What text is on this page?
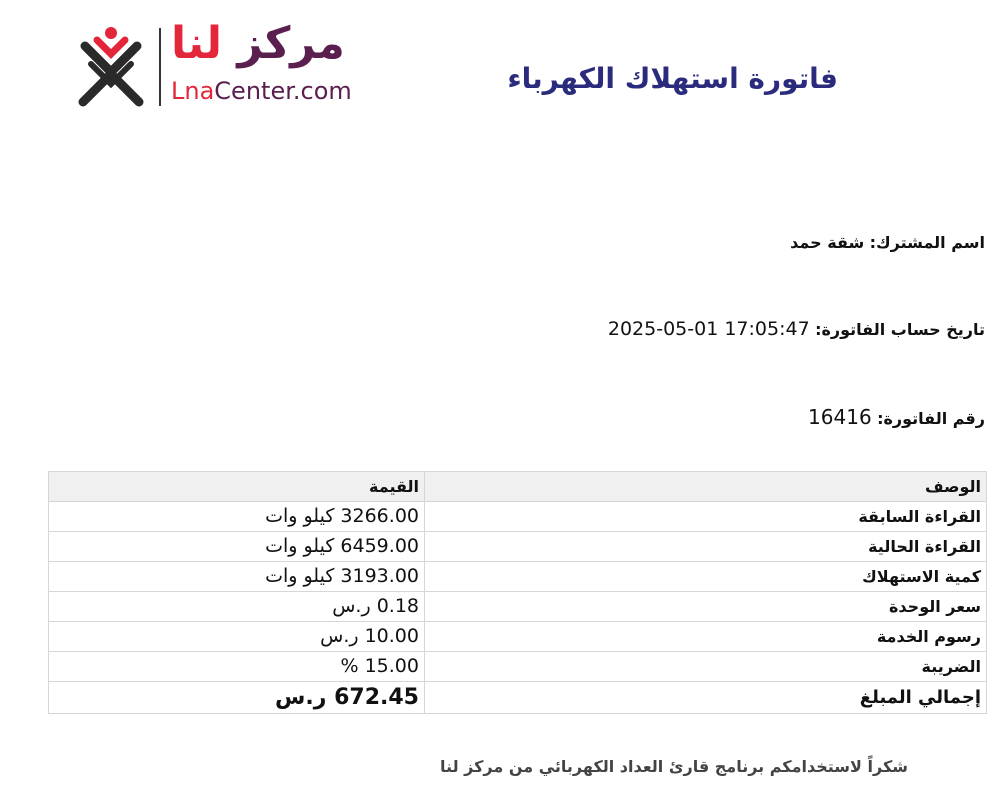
مركز لنا
LnaCenter.com	فاتورة استهلاك الكهرباء
اسم المشترك: شقة حمد
تاريخ حساب الفاتورة: 2025-05-01 17:05:47
رقم الفاتورة: 16416
الوصف	القيمة
القراءة السابقة	3266.00 كيلو وات
القراءة الحالية	6459.00 كيلو وات
كمية الاستهلاك	3193.00 كيلو وات
سعر الوحدة	0.18 ر.س
رسوم الخدمة	10.00 ر.س
الضريبة	15.00 %
إجمالي المبلغ	672.45 ر.س
شكراً لاستخدامكم برنامج قارئ العداد الكهربائي من مركز لنا
